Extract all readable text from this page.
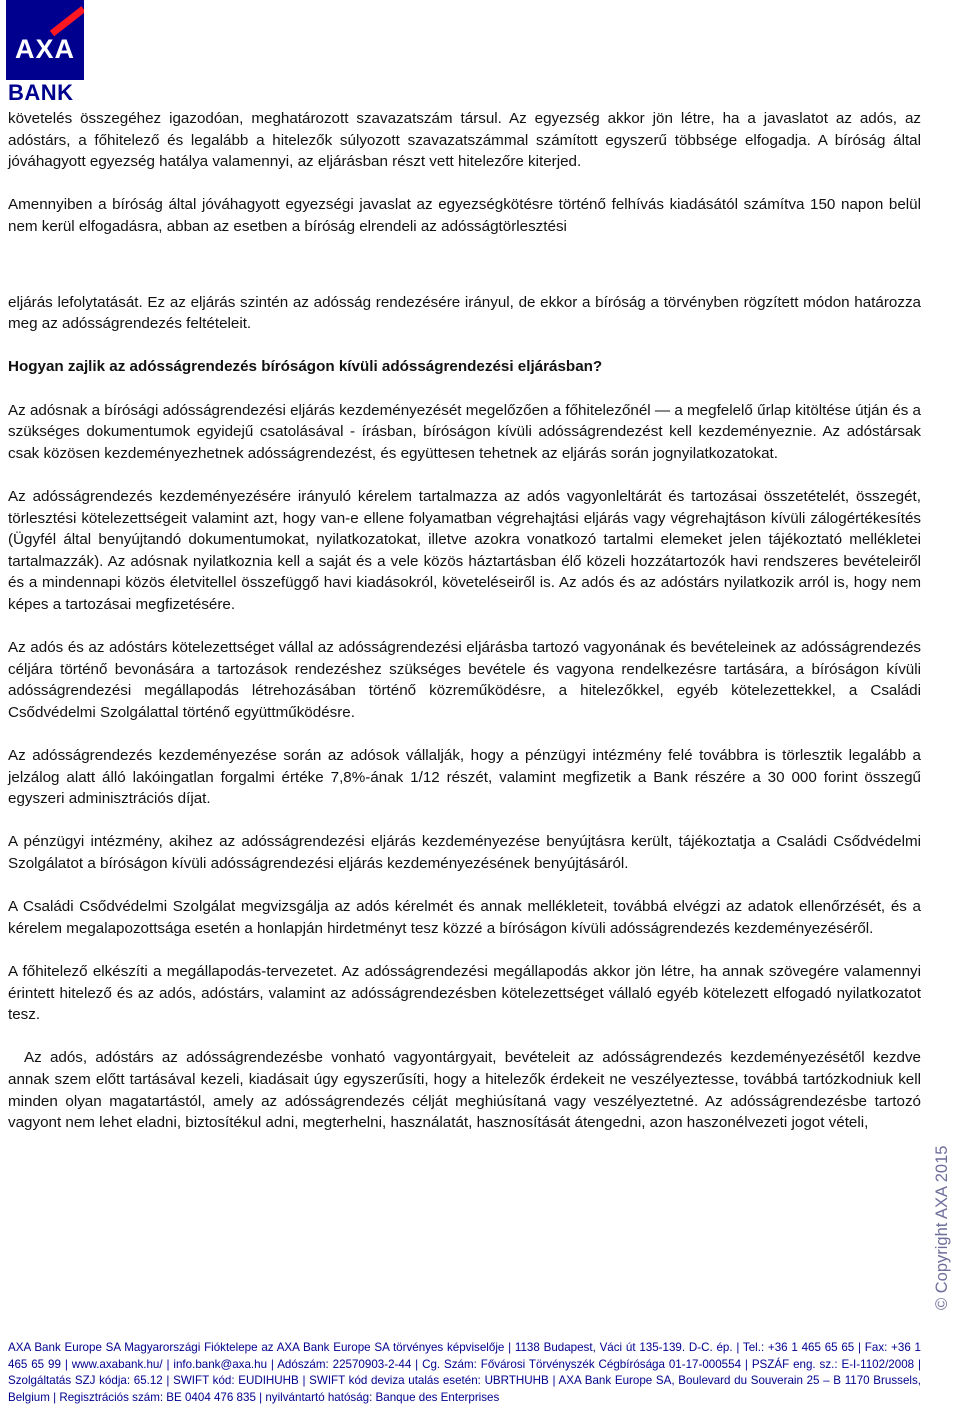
AXA
BANK

követelés összegéhez igazodóan, meghatározott szavazatszám társul. Az egyezség akkor jön létre, ha a javaslatot az adós, az adóstárs, a főhitelező és legalább a hitelezők súlyozott szavazatszámmal számított egyszerű többsége elfogadja. A bíróság által jóváhagyott egyezség hatálya valamennyi, az eljárásban részt vett hitelezőre kiterjed.

Amennyiben a bíróság által jóváhagyott egyezségi javaslat az egyezségkötésre történő felhívás kiadásától számítva 150 napon belül nem kerül elfogadásra, abban az esetben a bíróság elrendeli az adósságtörlesztési

eljárás lefolytatását. Ez az eljárás szintén az adósság rendezésére irányul, de ekkor a bíróság a törvényben rögzített módon határozza meg az adósságrendezés feltételeit.

Hogyan zajlik az adósságrendezés bíróságon kívüli adósságrendezési eljárásban?

Az adósnak a bírósági adósságrendezési eljárás kezdeményezését megelőzően a főhitelezőnél — a megfelelő űrlap kitöltése útján és a szükséges dokumentumok egyidejű csatolásával - írásban, bíróságon kívüli adósságrendezést kell kezdeményeznie. Az adóstársak csak közösen kezdeményezhetnek adósságrendezést, és együttesen tehetnek az eljárás során jognyilatkozatokat.

Az adósságrendezés kezdeményezésére irányuló kérelem tartalmazza az adós vagyonleltárát és tartozásai összetételét, összegét, törlesztési kötelezettségeit valamint azt, hogy van-e ellene folyamatban végrehajtási eljárás vagy végrehajtáson kívüli zálogértékesítés (Ügyfél által benyújtandó dokumentumokat, nyilatkozatokat, illetve azokra vonatkozó tartalmi elemeket jelen tájékoztató mellékletei tartalmazzák). Az adósnak nyilatkoznia kell a saját és a vele közös háztartásban élő közeli hozzátartozók havi rendszeres bevételeiről és a mindennapi közös életvitellel összefüggő havi kiadásokról, követeléseiről is. Az adós és az adóstárs nyilatkozik arról is, hogy nem képes a tartozásai megfizetésére.

Az adós és az adóstárs kötelezettséget vállal az adósságrendezési eljárásba tartozó vagyonának és bevételeinek az adósságrendezés céljára történő bevonására a tartozások rendezéshez szükséges bevétele és vagyona rendelkezésre tartására, a bíróságon kívüli adósságrendezési megállapodás létrehozásában történő közreműködésre, a hitelezőkkel, egyéb kötelezettekkel, a Családi Csődvédelmi Szolgálattal történő együttműködésre.

Az adósságrendezés kezdeményezése során az adósok vállalják, hogy a pénzügyi intézmény felé továbbra is törlesztik legalább a jelzálog alatt álló lakóingatlan forgalmi értéke 7,8%-ának 1/12 részét, valamint megfizetik a Bank részére a 30 000 forint összegű egyszeri adminisztrációs díjat.

A pénzügyi intézmény, akihez az adósságrendezési eljárás kezdeményezése benyújtásra került, tájékoztatja a Családi Csődvédelmi Szolgálatot a bíróságon kívüli adósságrendezési eljárás kezdeményezésének benyújtásáról.

A Családi Csődvédelmi Szolgálat megvizsgálja az adós kérelmét és annak mellékleteit, továbbá elvégzi az adatok ellenőrzését, és a kérelem megalapozottsága esetén a honlapján hirdetményt tesz közzé a bíróságon kívüli adósságrendezés kezdeményezéséről.

A főhitelező elkészíti a megállapodás-tervezetet. Az adósságrendezési megállapodás akkor jön létre, ha annak szövegére valamennyi érintett hitelező és az adós, adóstárs, valamint az adósságrendezésben kötelezettséget vállaló egyéb kötelezett elfogadó nyilatkozatot tesz.

Az adós, adóstárs az adósságrendezésbe vonható vagyontárgyait, bevételeit az adósságrendezés kezdeményezésétől kezdve annak szem előtt tartásával kezeli, kiadásait úgy egyszerűsíti, hogy a hitelezők érdekeit ne veszélyeztesse, továbbá tartózkodniuk kell minden olyan magatartástól, amely az adósságrendezés célját meghiúsítaná vagy veszélyeztetné. Az adósságrendezésbe tartozó vagyont nem lehet eladni, biztosítékul adni, megterhelni, használatát, hasznosítását átengedni, azon haszonélvezeti jogot vételi,

© Copyright AXA 2015
AXA Bank Europe SA Magyarországi Fióktelepe az AXA Bank Europe SA törvényes képviselője | 1138 Budapest, Váci út 135-139. D-C. ép. | Tel.: +36 1 465 65 65 | Fax: +36 1 465 65 99 | www.axabank.hu/ | info.bank@axa.hu | Adószám: 22570903-2-44 | Cg. Szám: Fővárosi Törvényszék Cégbírósága 01-17-000554 | PSZÁF eng. sz.: E-I-1102/2008 | Szolgáltatás SZJ kódja: 65.12 | SWIFT kód: EUDIHUHB | SWIFT kód deviza utalás esetén: UBRTHUHB | AXA Bank Europe SA, Boulevard du Souverain 25 – B 1170 Brussels, Belgium | Regisztrációs szám: BE 0404 476 835 | nyilvántartó hatóság: Banque des Enterprises
